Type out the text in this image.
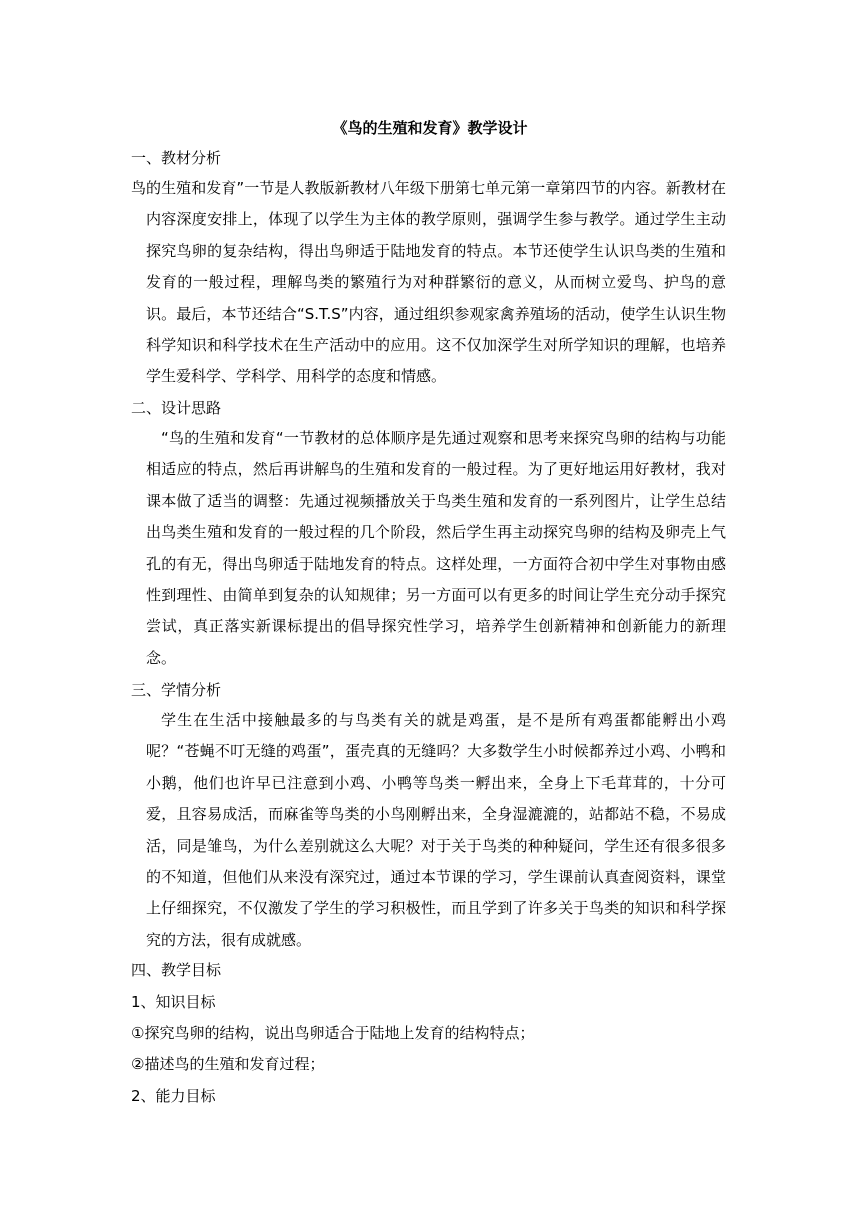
《鸟的生殖和发育》教学设计
一、教材分析
鸟的生殖和发育”一节是人教版新教材八年级下册第七单元第一章第四节的内容。新教材在内容深度安排上，体现了以学生为主体的教学原则，强调学生参与教学。通过学生主动探究鸟卵的复杂结构，得出鸟卵适于陆地发育的特点。本节还使学生认识鸟类的生殖和发育的一般过程，理解鸟类的繁殖行为对种群繁衍的意义，从而树立爱鸟、护鸟的意识。最后，本节还结合“S.T.S”内容，通过组织参观家禽养殖场的活动，使学生认识生物科学知识和科学技术在生产活动中的应用。这不仅加深学生对所学知识的理解，也培养学生爱科学、学科学、用科学的态度和情感。
二、设计思路
“鸟的生殖和发育“一节教材的总体顺序是先通过观察和思考来探究鸟卵的结构与功能相适应的特点，然后再讲解鸟的生殖和发育的一般过程。为了更好地运用好教材，我对课本做了适当的调整：先通过视频播放关于鸟类生殖和发育的一系列图片，让学生总结出鸟类生殖和发育的一般过程的几个阶段，然后学生再主动探究鸟卵的结构及卵壳上气孔的有无，得出鸟卵适于陆地发育的特点。这样处理，一方面符合初中学生对事物由感性到理性、由简单到复杂的认知规律；另一方面可以有更多的时间让学生充分动手探究尝试，真正落实新课标提出的倡导探究性学习，培养学生创新精神和创新能力的新理念。
三、学情分析
学生在生活中接触最多的与鸟类有关的就是鸡蛋，是不是所有鸡蛋都能孵出小鸡呢？“苍蝇不叮无缝的鸡蛋”，蛋壳真的无缝吗？大多数学生小时候都养过小鸡、小鸭和小鹅，他们也许早已注意到小鸡、小鸭等鸟类一孵出来，全身上下毛茸茸的，十分可爱，且容易成活，而麻雀等鸟类的小鸟刚孵出来，全身湿漉漉的，站都站不稳，不易成活，同是雏鸟，为什么差别就这么大呢？对于关于鸟类的种种疑问，学生还有很多很多的不知道，但他们从来没有深究过，通过本节课的学习，学生课前认真查阅资料，课堂上仔细探究，不仅激发了学生的学习积极性，而且学到了许多关于鸟类的知识和科学探究的方法，很有成就感。
四、教学目标
1、知识目标
①探究鸟卵的结构，说出鸟卵适合于陆地上发育的结构特点；
②描述鸟的生殖和发育过程；
2、能力目标
